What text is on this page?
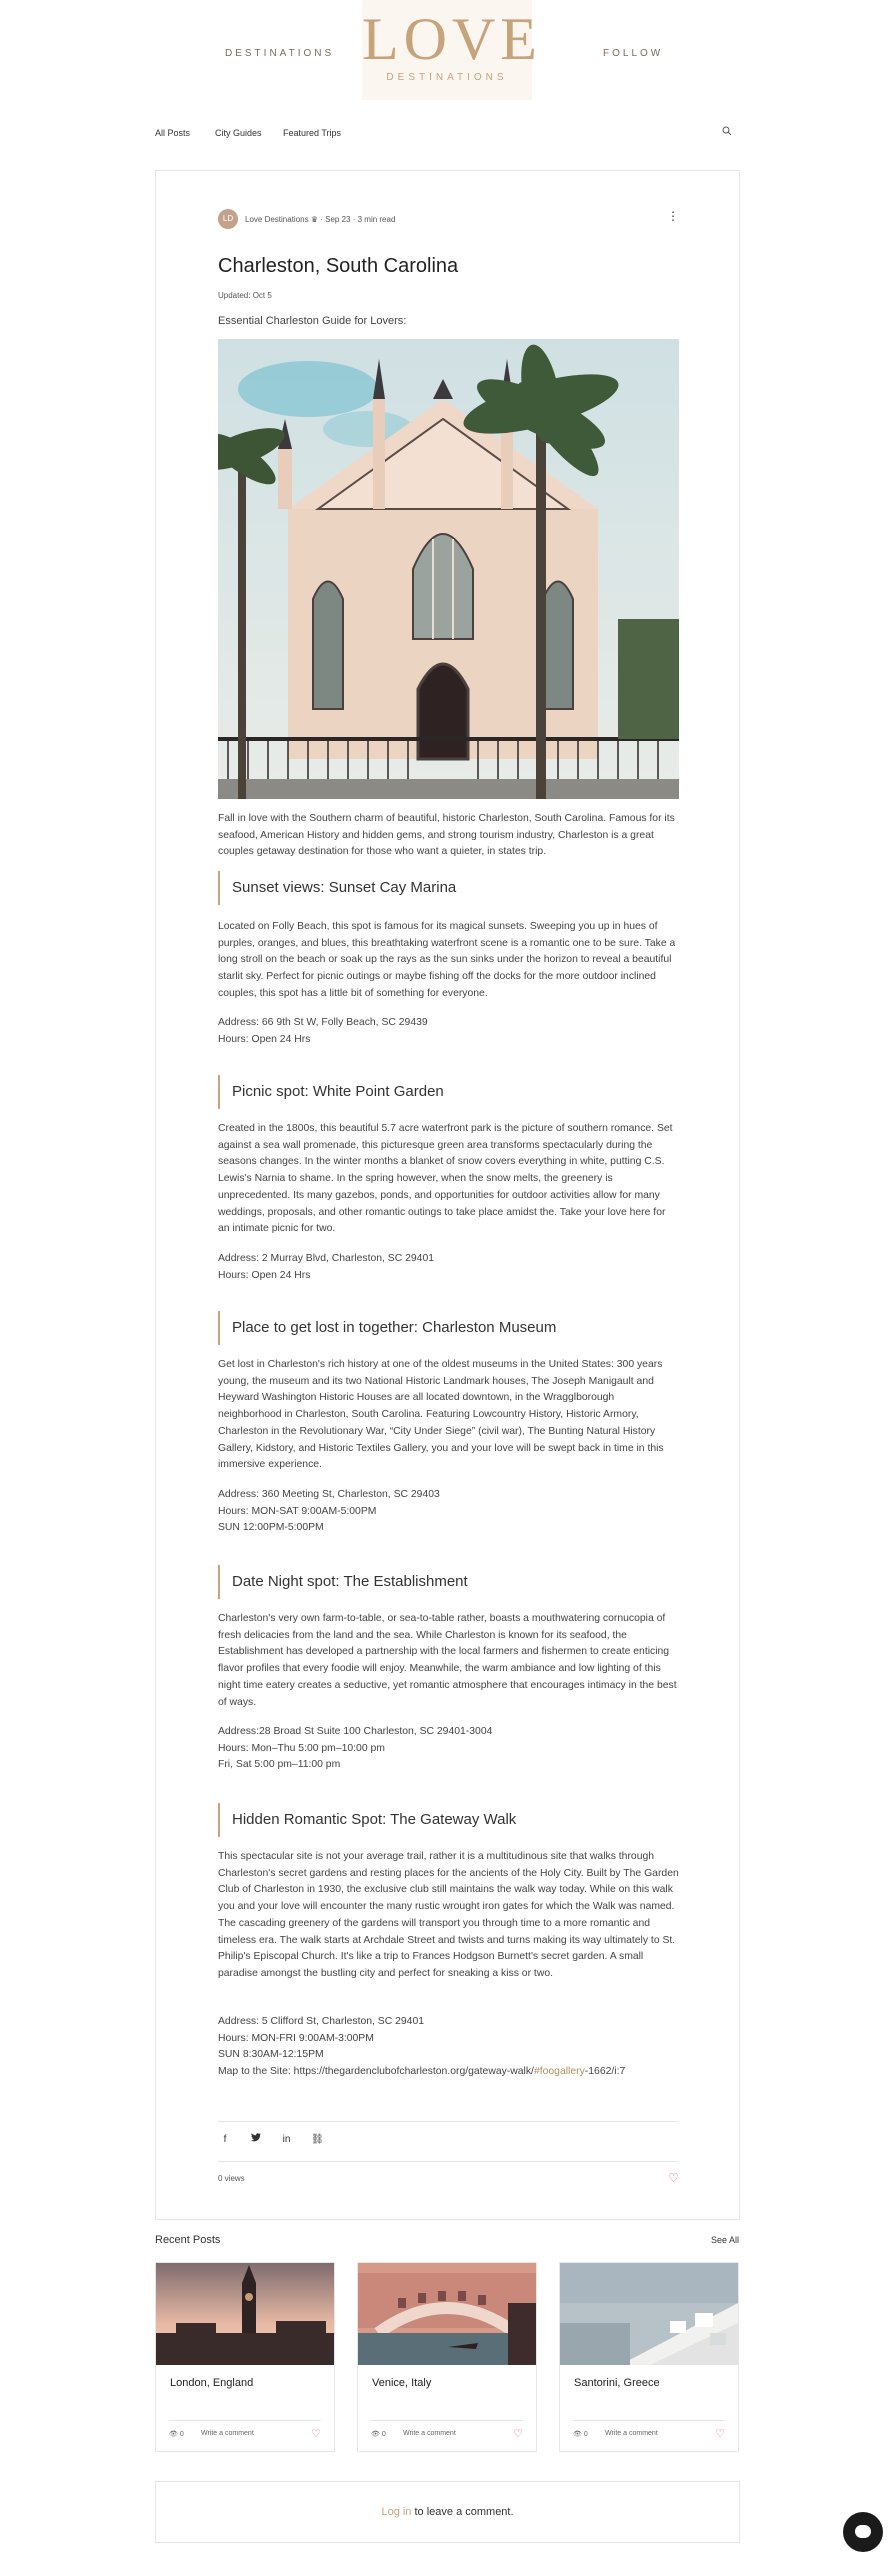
DESTINATIONS LOVE
DESTINATIONS
FOLLOW
All Posts	City Guides Featured Trips
LD	Love Destinations ♛ · Sep 23 · 3 min read	⋮
Charleston, South Carolina
Updated: Oct 5
Essential Charleston Guide for Lovers:
Fall in love with the Southern charm of beautiful, historic Charleston, South Carolina. Famous for its seafood, American History and hidden gems, and strong tourism industry, Charleston is a great couples getaway destination for those who want a quieter, in states trip.
Sunset views: Sunset Cay Marina
Located on Folly Beach, this spot is famous for its magical sunsets. Sweeping you up in hues of purples, oranges, and blues, this breathtaking waterfront scene is a romantic one to be sure. Take a long stroll on the beach or soak up the rays as the sun sinks under the horizon to reveal a beautiful starlit sky. Perfect for picnic outings or maybe fishing off the docks for the more outdoor inclined couples, this spot has a little bit of something for everyone.
Address: 66 9th St W, Folly Beach, SC 29439
Hours: Open 24 Hrs
Picnic spot: White Point Garden
Created in the 1800s, this beautiful 5.7 acre waterfront park is the picture of southern romance. Set against a sea wall promenade, this picturesque green area transforms spectacularly during the seasons changes. In the winter months a blanket of snow covers everything in white, putting C.S. Lewis's Narnia to shame. In the spring however, when the snow melts, the greenery is unprecedented. Its many gazebos, ponds, and opportunities for outdoor activities allow for many weddings, proposals, and other romantic outings to take place amidst the. Take your love here for an intimate picnic for two.
Address: 2 Murray Blvd, Charleston, SC 29401
Hours: Open 24 Hrs
Place to get lost in together: Charleston Museum
Get lost in Charleston's rich history at one of the oldest museums in the United States: 300 years young, the museum and its two National Historic Landmark houses, The Joseph Manigault and Heyward Washington Historic Houses are all located downtown, in the Wragglborough neighborhood in Charleston, South Carolina. Featuring Lowcountry History, Historic Armory, Charleston in the Revolutionary War, “City Under Siege” (civil war), The Bunting Natural History Gallery, Kidstory, and Historic Textiles Gallery, you and your love will be swept back in time in this immersive experience.
Address: 360 Meeting St, Charleston, SC 29403
Hours: MON-SAT 9:00AM-5:00PM
SUN 12:00PM-5:00PM
Date Night spot: The Establishment
Charleston's very own farm-to-table, or sea-to-table rather, boasts a mouthwatering cornucopia of fresh delicacies from the land and the sea. While Charleston is known for its seafood, the Establishment has developed a partnership with the local farmers and fishermen to create enticing flavor profiles that every foodie will enjoy. Meanwhile, the warm ambiance and low lighting of this night time eatery creates a seductive, yet romantic atmosphere that encourages intimacy in the best of ways.
Address:28 Broad St Suite 100 Charleston, SC 29401-3004
Hours: Mon–Thu 5:00 pm–10:00 pm
Fri, Sat 5:00 pm–11:00 pm
Hidden Romantic Spot: The Gateway Walk
This spectacular site is not your average trail, rather it is a multitudinous site that walks through Charleston's secret gardens and resting places for the ancients of the Holy City. Built by The Garden Club of Charleston in 1930, the exclusive club still maintains the walk way today. While on this walk you and your love will encounter the many rustic wrought iron gates for which the Walk was named. The cascading greenery of the gardens will transport you through time to a more romantic and timeless era. The walk starts at Archdale Street and twists and turns making its way ultimately to St. Philip's Episcopal Church. It's like a trip to Frances Hodgson Burnett's secret garden. A small paradise amongst the bustling city and perfect for sneaking a kiss or two.
Address: 5 Clifford St, Charleston, SC 29401
Hours: MON-FRI 9:00AM-3:00PM
SUN 8:30AM-12:15PM
Map to the Site: https://thegardenclubofcharleston.org/gateway-walk/#foogallery-1662/i:7
f	in ⛓
0 views	♡
Recent Posts	See All
London, England
👁 0 Write a comment	♡
Venice, Italy
👁 0 Write a comment	♡
Santorini, Greece
👁 0 Write a comment	♡
Log in to leave a comment.
